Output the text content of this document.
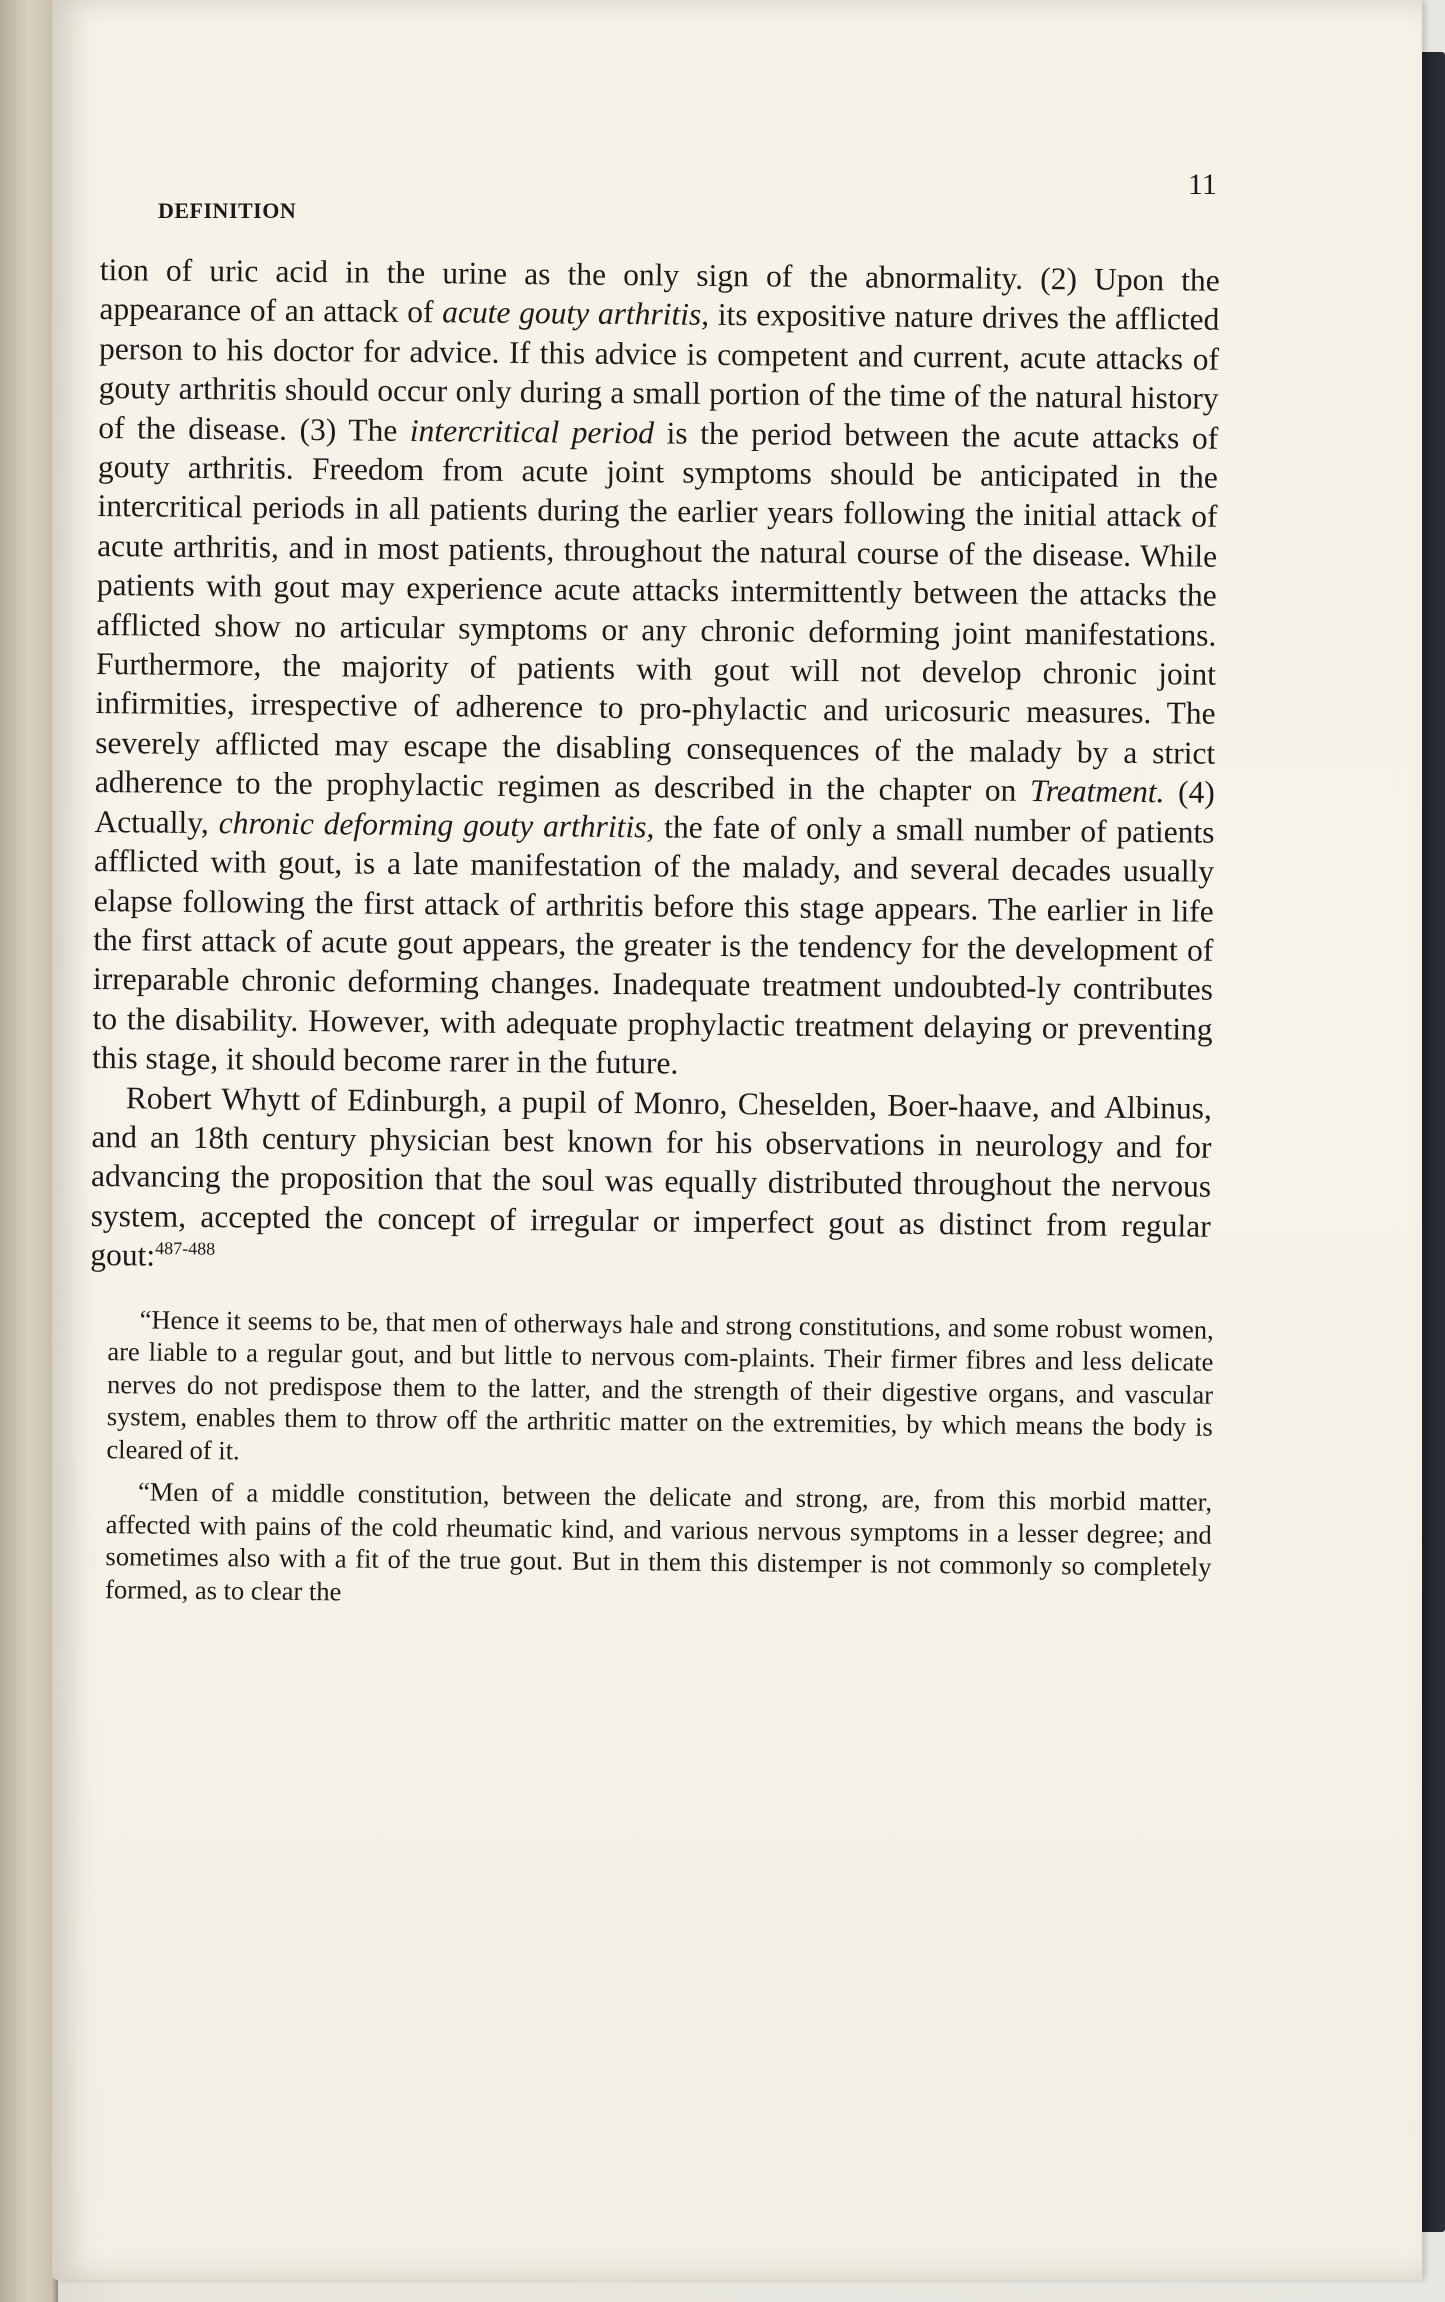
DEFINITION
11

tion of uric acid in the urine as the only sign of the abnormality. (2) Upon the appearance of an attack of acute gouty arthritis, its expositive nature drives the afflicted person to his doctor for advice. If this advice is competent and current, acute attacks of gouty arthritis should occur only during a small portion of the time of the natural history of the disease. (3) The intercritical period is the period between the acute attacks of gouty arthritis. Freedom from acute joint symptoms should be anticipated in the intercritical periods in all patients during the earlier years following the initial attack of acute arthritis, and in most patients, throughout the natural course of the disease. While patients with gout may experience acute attacks intermittently between the attacks the afflicted show no articular symptoms or any chronic deforming joint manifestations. Furthermore, the majority of patients with gout will not develop chronic joint infirmities, irrespective of adherence to pro-phylactic and uricosuric measures. The severely afflicted may escape the disabling consequences of the malady by a strict adherence to the prophylactic regimen as described in the chapter on Treatment. (4) Actually, chronic deforming gouty arthritis, the fate of only a small number of patients afflicted with gout, is a late manifestation of the malady, and several decades usually elapse following the first attack of arthritis before this stage appears. The earlier in life the first attack of acute gout appears, the greater is the tendency for the development of irreparable chronic deforming changes. Inadequate treatment undoubted-ly contributes to the disability. However, with adequate prophylactic treatment delaying or preventing this stage, it should become rarer in the future.

Robert Whytt of Edinburgh, a pupil of Monro, Cheselden, Boer-haave, and Albinus, and an 18th century physician best known for his observations in neurology and for advancing the proposition that the soul was equally distributed throughout the nervous system, accepted the concept of irregular or imperfect gout as distinct from regular gout:$^{487-488}$

“Hence it seems to be, that men of otherways hale and strong constitutions, and some robust women, are liable to a regular gout, and but little to nervous com-plaints. Their firmer fibres and less delicate nerves do not predispose them to the latter, and the strength of their digestive organs, and vascular system, enables them to throw off the arthritic matter on the extremities, by which means the body is cleared of it.

“Men of a middle constitution, between the delicate and strong, are, from this morbid matter, affected with pains of the cold rheumatic kind, and various nervous symptoms in a lesser degree; and sometimes also with a fit of the true gout. But in them this distemper is not commonly so completely formed, as to clear the
